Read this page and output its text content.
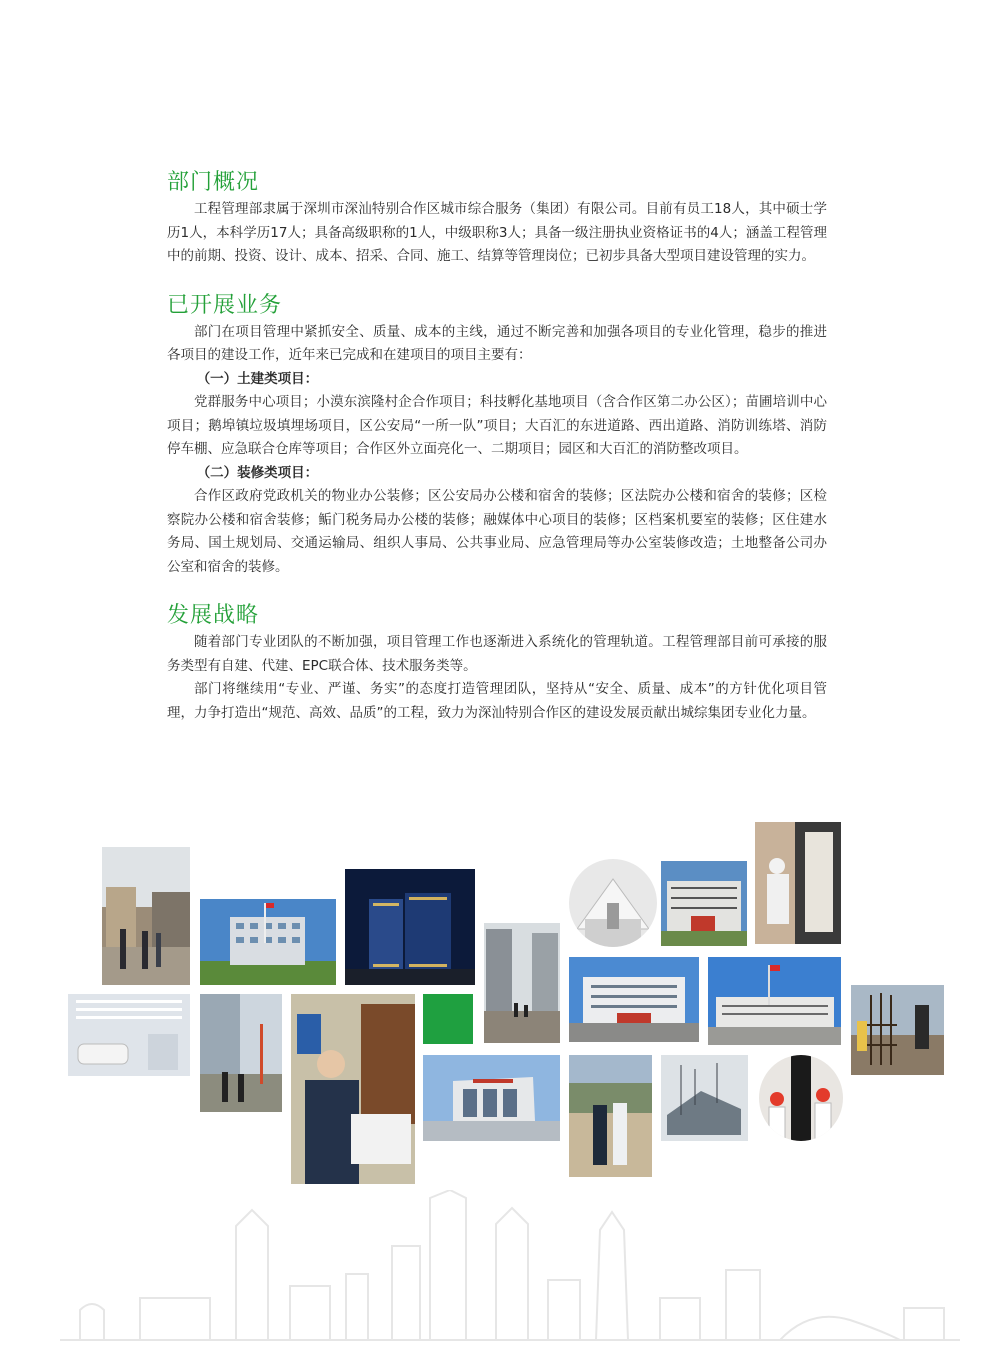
部门概况

工程管理部隶属于深圳市深汕特别合作区城市综合服务（集团）有限公司。目前有员工18人，其中硕士学历1人，本科学历17人；具备高级职称的1人，中级职称3人；具备一级注册执业资格证书的4人；涵盖工程管理中的前期、投资、设计、成本、招采、合同、施工、结算等管理岗位；已初步具备大型项目建设管理的实力。

已开展业务

部门在项目管理中紧抓安全、质量、成本的主线，通过不断完善和加强各项目的专业化管理，稳步的推进各项目的建设工作，近年来已完成和在建项目的项目主要有：

（一）土建类项目：

党群服务中心项目；小漠东滨隆村企合作项目；科技孵化基地项目（含合作区第二办公区）；苗圃培训中心项目；鹅埠镇垃圾填埋场项目，区公安局“一所一队”项目；大百汇的东进道路、西出道路、消防训练塔、消防停车棚、应急联合仓库等项目；合作区外立面亮化一、二期项目；园区和大百汇的消防整改项目。

（二）装修类项目：

合作区政府党政机关的物业办公装修；区公安局办公楼和宿舍的装修；区法院办公楼和宿舍的装修；区检察院办公楼和宿舍装修；鲘门税务局办公楼的装修；融媒体中心项目的装修；区档案机要室的装修；区住建水务局、国土规划局、交通运输局、组织人事局、公共事业局、应急管理局等办公室装修改造；土地整备公司办公室和宿舍的装修。

发展战略

随着部门专业团队的不断加强，项目管理工作也逐渐进入系统化的管理轨道。工程管理部目前可承接的服务类型有自建、代建、EPC联合体、技术服务类等。

部门将继续用“专业、严谨、务实”的态度打造管理团队，坚持从“安全、质量、成本”的方针优化项目管理，力争打造出“规范、高效、品质”的工程，致力为深汕特别合作区的建设发展贡献出城综集团专业化力量。
